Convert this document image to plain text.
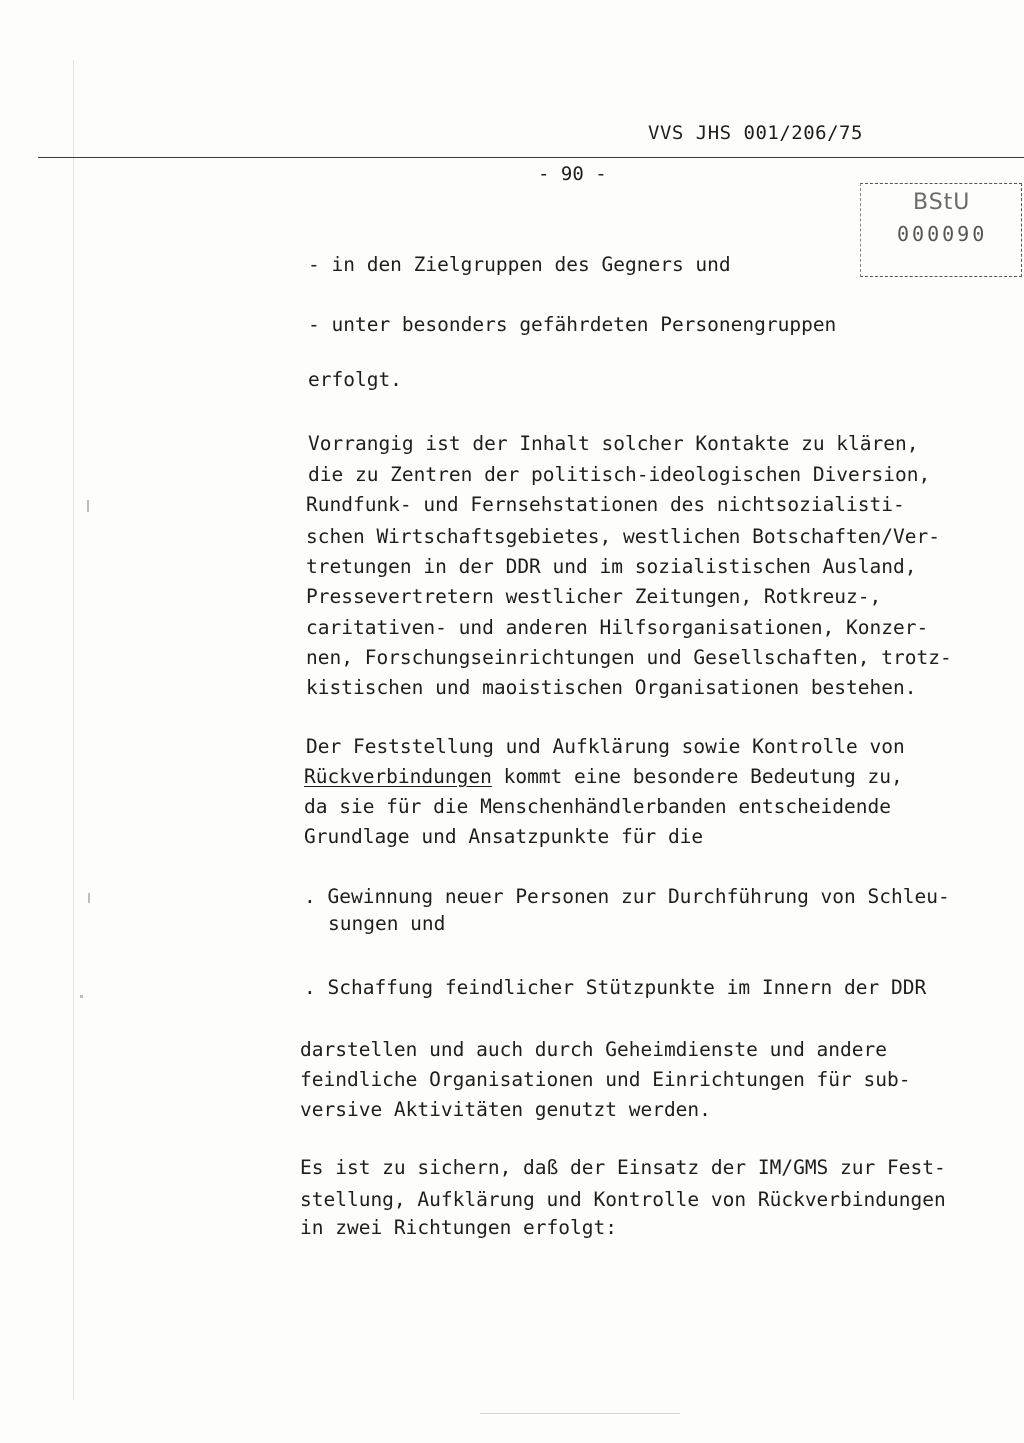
VVS JHS 001/206/75
- 90 -
BStU
000090
- in den Zielgruppen des Gegners und
- unter besonders gefährdeten Personengruppen
erfolgt.
Vorrangig ist der Inhalt solcher Kontakte zu klären,
die zu Zentren der politisch-ideologischen Diversion,
Rundfunk- und Fernsehstationen des nichtsozialisti-
schen Wirtschaftsgebietes, westlichen Botschaften/Ver-
tretungen in der DDR und im sozialistischen Ausland,
Pressevertretern westlicher Zeitungen, Rotkreuz-,
caritativen- und anderen Hilfsorganisationen, Konzer-
nen, Forschungseinrichtungen und Gesellschaften, trotz-
kistischen und maoistischen Organisationen bestehen.
Der Feststellung und Aufklärung sowie Kontrolle von
Rückverbindungen kommt eine besondere Bedeutung zu,
da sie für die Menschenhändlerbanden entscheidende
Grundlage und Ansatzpunkte für die
. Gewinnung neuer Personen zur Durchführung von Schleu-
sungen und
. Schaffung feindlicher Stützpunkte im Innern der DDR
darstellen und auch durch Geheimdienste und andere
feindliche Organisationen und Einrichtungen für sub-
versive Aktivitäten genutzt werden.
Es ist zu sichern, daß der Einsatz der IM/GMS zur Fest-
stellung, Aufklärung und Kontrolle von Rückverbindungen
in zwei Richtungen erfolgt:
